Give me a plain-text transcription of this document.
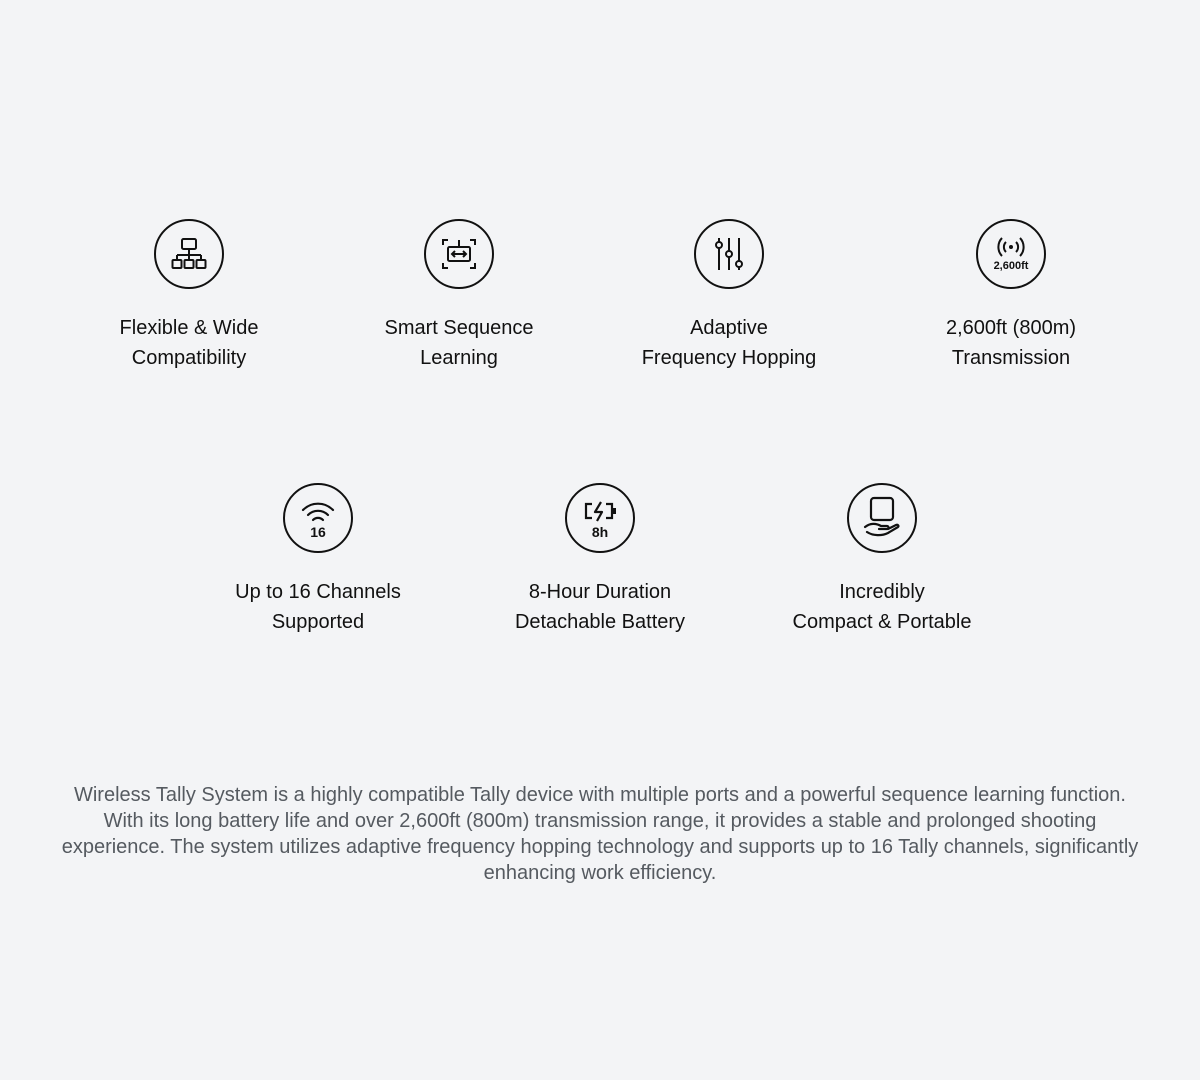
Flexible & Wide
Compatibility
Smart Sequence
Learning
Adaptive
Frequency Hopping
2,600ft
2,600ft (800m)
Transmission
16
Up to 16 Channels
Supported
8h
8-Hour Duration
Detachable Battery
Incredibly
Compact & Portable

Wireless Tally System is a highly compatible Tally device with multiple ports and a powerful sequence learning function. With its long battery life and over 2,600ft (800m) transmission range, it provides a stable and prolonged shooting experience. The system utilizes adaptive frequency hopping technology and supports up to 16 Tally channels, significantly enhancing work efficiency.
